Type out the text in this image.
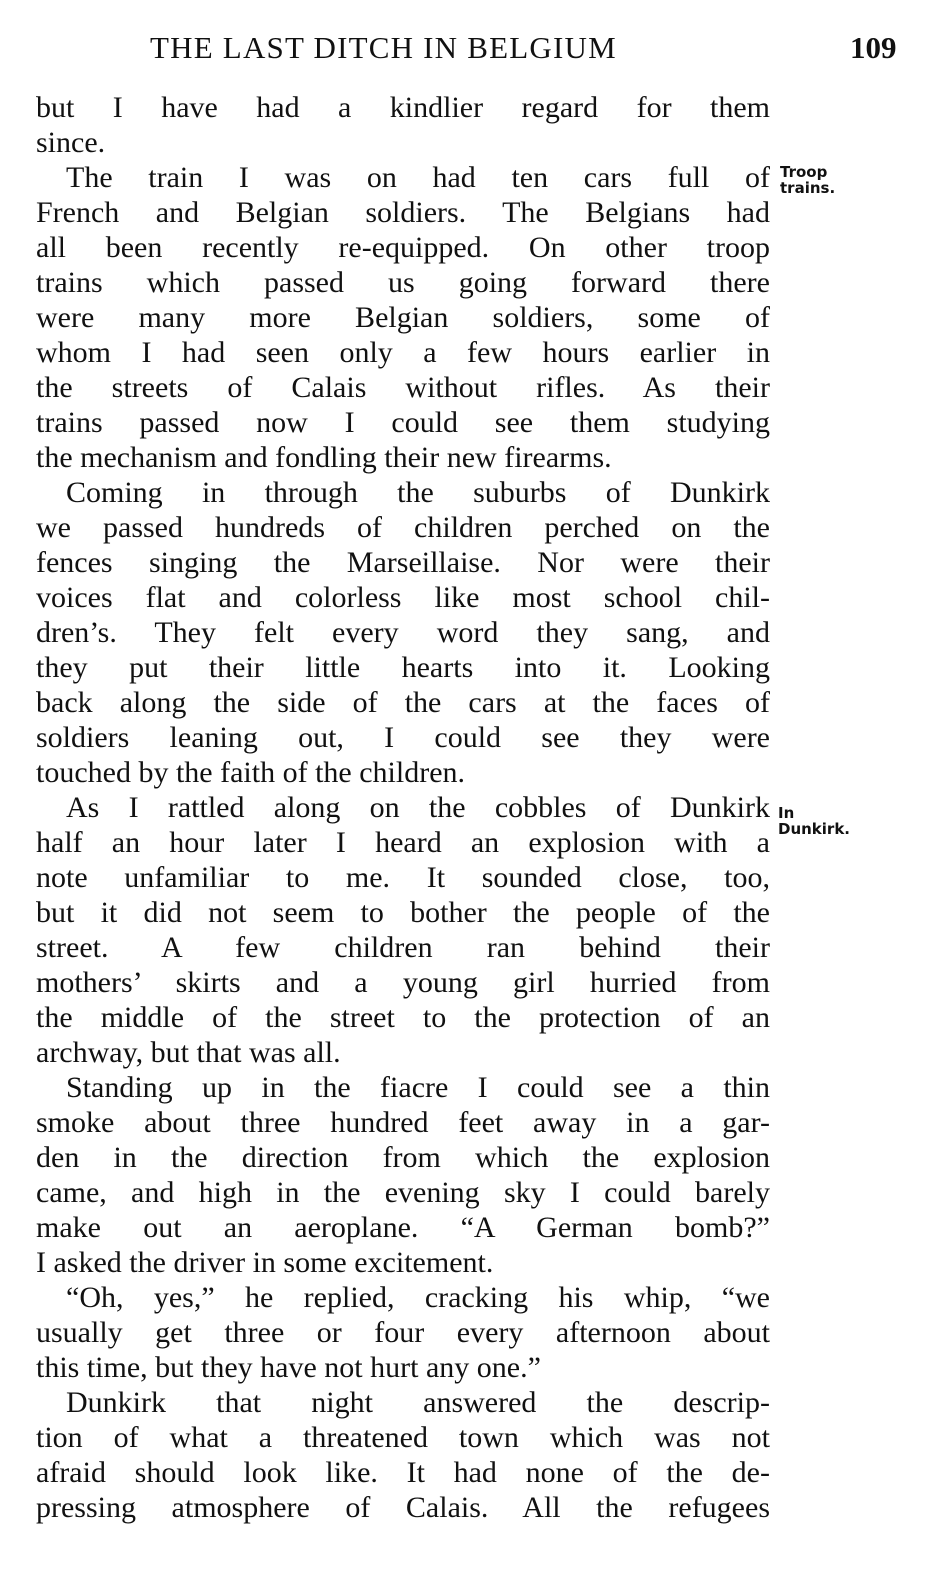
THE LAST DITCH IN BELGIUM	109
Troop
trains.
In
Dunkirk.
but I have had a kindlier regard for them
since.
The train I was on had ten cars full of
French and Belgian soldiers. The Belgians had
all been recently re-equipped. On other troop
trains which passed us going forward there
were many more Belgian soldiers, some of
whom I had seen only a few hours earlier in
the streets of Calais without rifles. As their
trains passed now I could see them studying
the mechanism and fondling their new firearms.
Coming in through the suburbs of Dunkirk
we passed hundreds of children perched on the
fences singing the Marseillaise. Nor were their
voices flat and colorless like most school chil-
dren’s. They felt every word they sang, and
they put their little hearts into it. Looking
back along the side of the cars at the faces of
soldiers leaning out, I could see they were
touched by the faith of the children.
As I rattled along on the cobbles of Dunkirk
half an hour later I heard an explosion with a
note unfamiliar to me. It sounded close, too,
but it did not seem to bother the people of the
street. A few children ran behind their
mothers’ skirts and a young girl hurried from
the middle of the street to the protection of an
archway, but that was all.
Standing up in the fiacre I could see a thin
smoke about three hundred feet away in a gar-
den in the direction from which the explosion
came, and high in the evening sky I could barely
make out an aeroplane. “A German bomb?”
I asked the driver in some excitement.
“Oh, yes,” he replied, cracking his whip, “we
usually get three or four every afternoon about
this time, but they have not hurt any one.”
Dunkirk that night answered the descrip-
tion of what a threatened town which was not
afraid should look like. It had none of the de-
pressing atmosphere of Calais. All the refugees
